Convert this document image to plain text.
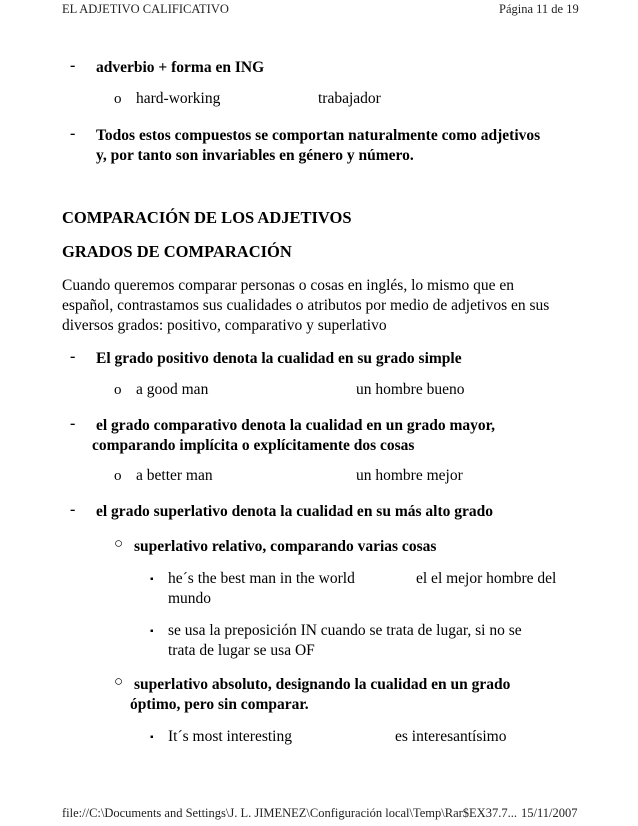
EL ADJETIVO CALIFICATIVO	Página 11 de 19
- adverbio + forma en ING
o hard-working	trabajador
- Todos estos compuestos se comportan naturalmente como adjetivos
y, por tanto son invariables en género y número.
COMPARACIÓN DE LOS ADJETIVOS
GRADOS DE COMPARACIÓN
Cuando queremos comparar personas o cosas en inglés, lo mismo que en
español, contrastamos sus cualidades o atributos por medio de adjetivos en sus
diversos grados: positivo, comparativo y superlativo
- El grado positivo denota la cualidad en su grado simple
o a good man	un hombre bueno
- el grado comparativo denota la cualidad en un grado mayor,
comparando implícita o explícitamente dos cosas
o a better man	un hombre mejor
- el grado superlativo denota la cualidad en su más alto grado
○ superlativo relativo, comparando varias cosas
▪ he´s the best man in the world	el el mejor hombre del
mundo
▪ se usa la preposición IN cuando se trata de lugar, si no se
trata de lugar se usa OF
○ superlativo absoluto, designando la cualidad en un grado
óptimo, pero sin comparar.
▪ It´s most interesting	es interesantísimo
file://C:\Documents and Settings\J. L. JIMENEZ\Configuración local\Temp\Rar$EX37.7... 15/11/2007
